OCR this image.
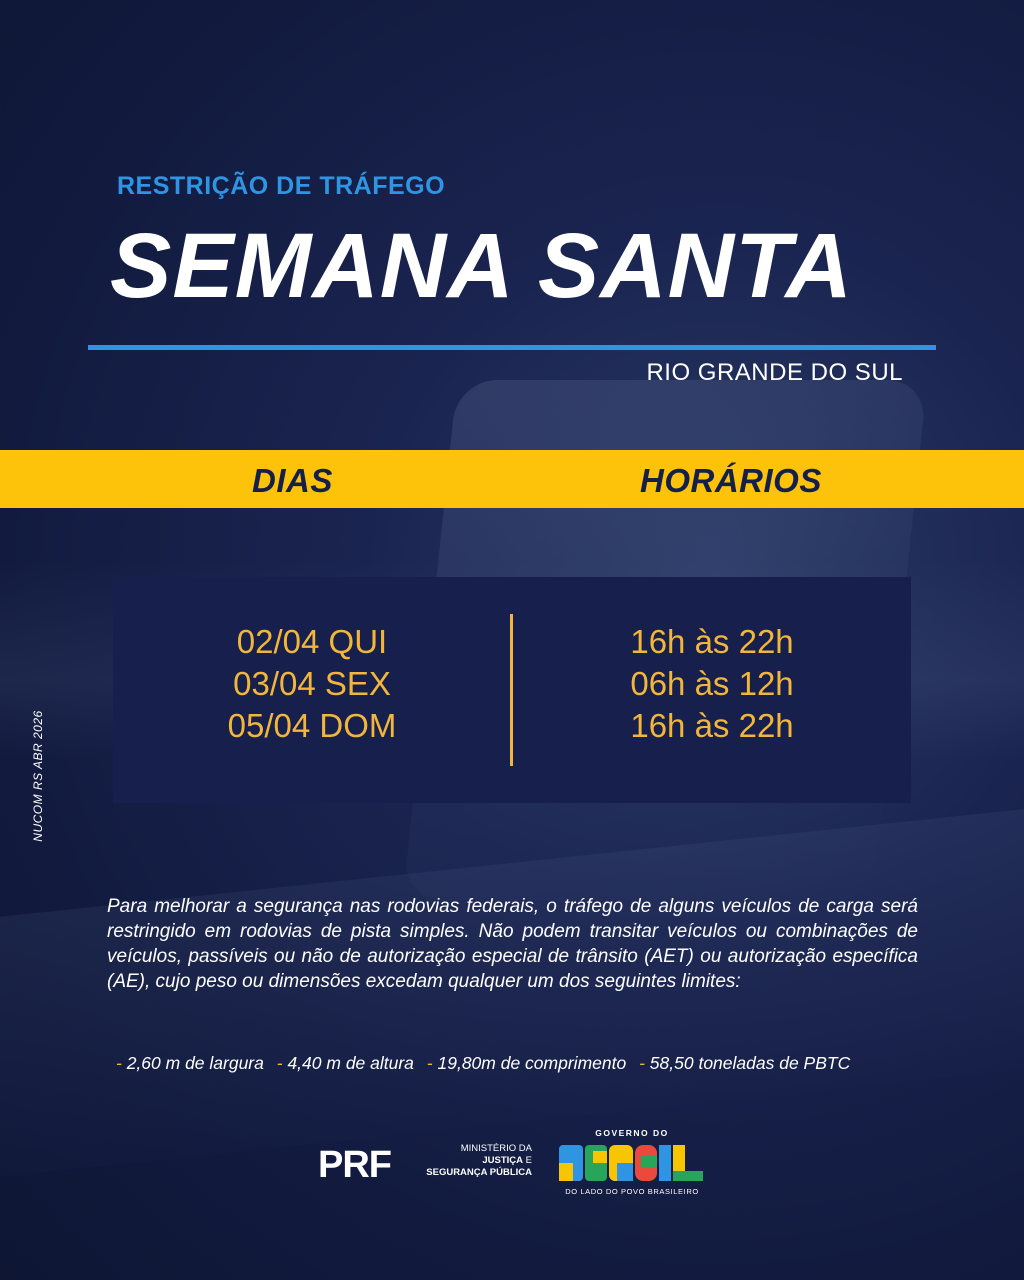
RESTRIÇÃO DE TRÁFEGO
SEMANA SANTA
RIO GRANDE DO SUL
DIAS	HORÁRIOS
02/04 QUI
03/04 SEX
05/04 DOM
16h às 22h
06h às 12h
16h às 22h
NUCOM RS ABR 2026
Para melhorar a segurança nas rodovias federais, o tráfego de alguns veículos de carga será restringido em rodovias de pista simples. Não podem transitar veículos ou combinações de veículos, passíveis ou não de autorização especial de trânsito (AET) ou autorização específica (AE), cujo peso ou dimensões excedam qualquer um dos seguintes limites:
- 2,60 m de largura - 4,40 m de altura - 19,80m de comprimento - 58,50 toneladas de PBTC
PRF	MINISTÉRIO DA
JUSTIÇA E
SEGURANÇA PÚBLICA
GOVERNO DO
BRASIL
DO LADO DO POVO BRASILEIRO
